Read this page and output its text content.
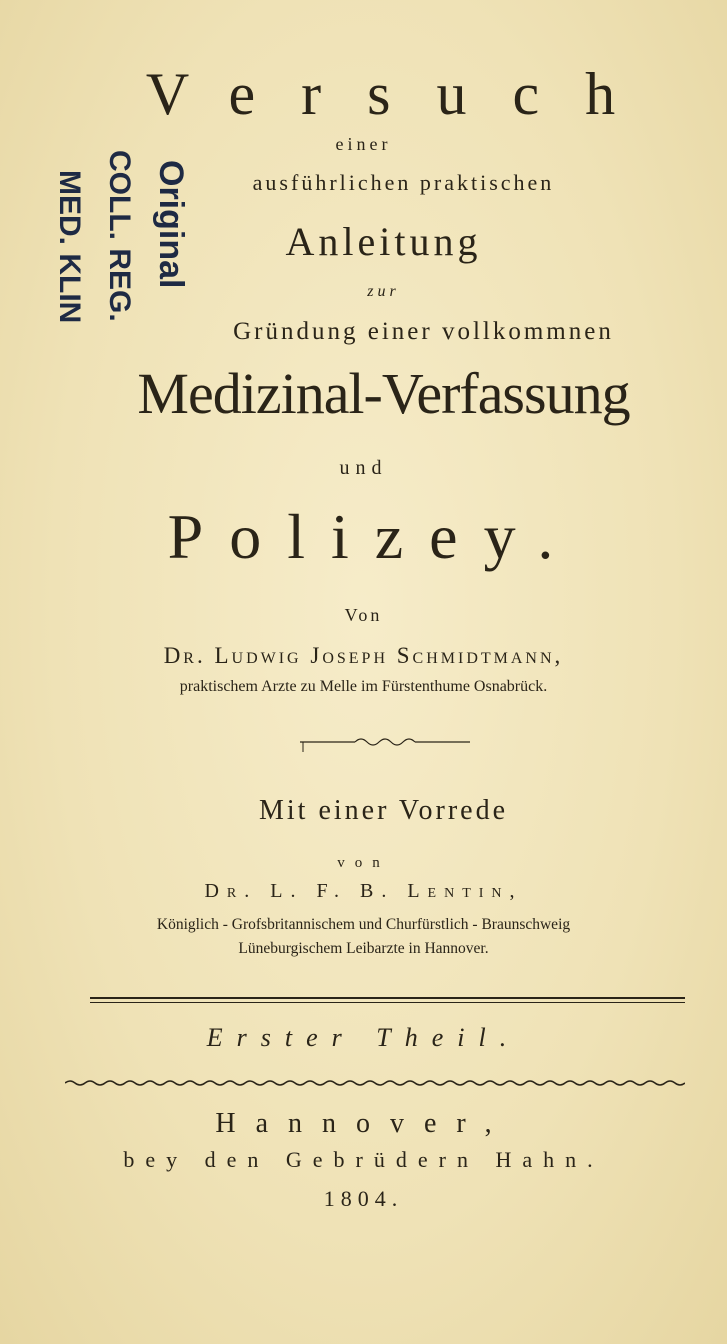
Original
COLL. REG.
MED. KLIN
Versuch
einer
ausführlichen praktischen
Anleitung
zur
Gründung einer vollkommnen
Medizinal-Verfassung
und
Polizey.
Von
Dr. Ludwig Joseph Schmidtmann,
praktischem Arzte zu Melle im Fürstenthume Osnabrück.
Mit einer Vorrede
von
Dr. L. F. B. Lentin,
Königlich - Grofsbritannischem und Churfürstlich - Braunschweig
Lüneburgischem Leibarzte in Hannover.
Erster Theil.
Hannover,
bey den Gebrüdern Hahn.
1804.
